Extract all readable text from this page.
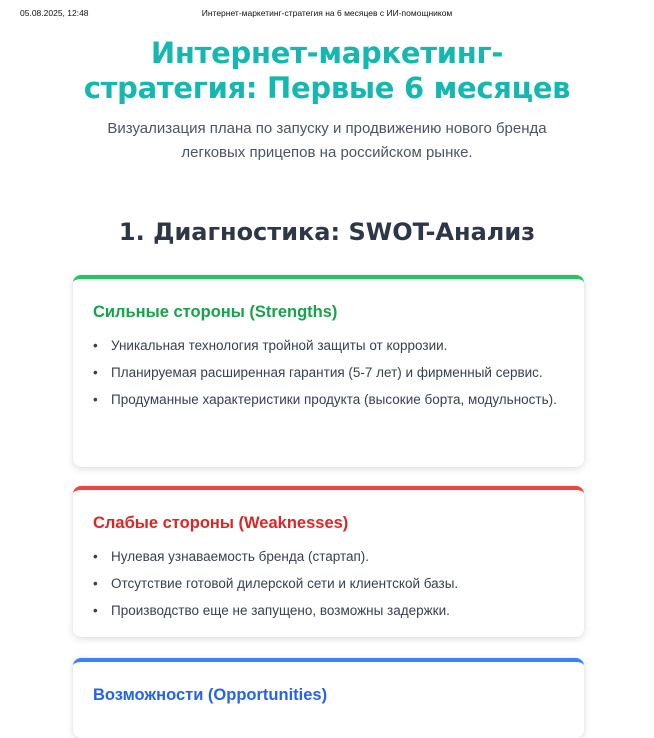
05.08.2025, 12:48	Интернет-маркетинг-стратегия на 6 месяцев с ИИ-помощником
Интернет-маркетинг-
стратегия: Первые 6 месяцев

Визуализация плана по запуску и продвижению нового бренда легковых прицепов на российском рынке.

1. Диагностика: SWOT-Анализ
Сильные стороны (Strengths)
• Уникальная технология тройной защиты от коррозии.
• Планируемая расширенная гарантия (5-7 лет) и фирменный сервис.
• Продуманные характеристики продукта (высокие борта, модульность).
Слабые стороны (Weaknesses)
• Нулевая узнаваемость бренда (стартап).
• Отсутствие готовой дилерской сети и клиентской базы.
• Производство еще не запущено, возможны задержки.
Возможности (Opportunities)
